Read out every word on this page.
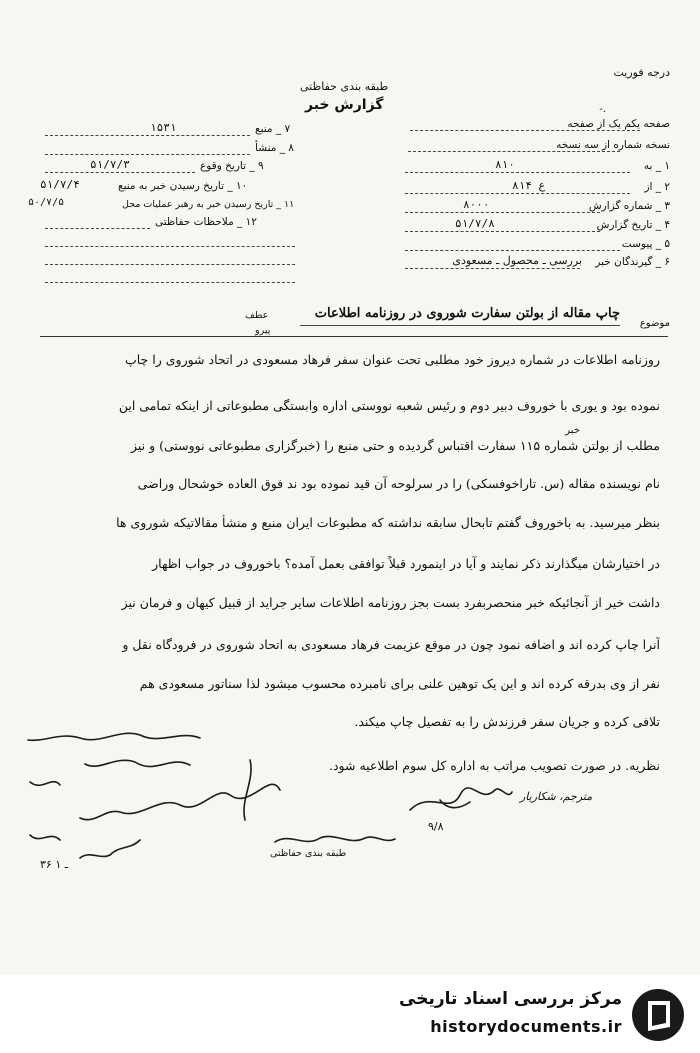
درجه فوریت
طبقه بندی حفاظتی
گزارش خبر	-.
صفحه یکم یک از صفحه
نسخه شماره از سه نسخه
۱ _ به
۸۱۰
۲ _ از
۸۱۴ ع
۳ _ شماره گزارش
۸۰۰۰
۴ _ تاریخ گزارش
۵۱/۷/۸
۵ _ پیوست
۶ _ گیرندگان خبر
بررسی ـ محصول ـ مسعودی
۷ _ منبع
۱۵۳۱
۸ _ منشأ
۹ _ تاریخ وقوع
۵۱/۷/۳
۱۰ _ تاریخ رسیدن خبر به منبع
۵۱/۷/۴
۱۱ _ تاریخ رسیدن خبر به رهبر عملیات محل
۵۰/۷/۵
۱۲ _ ملاحظات حفاظتی
موضوع
چاپ مقاله از بولتن سفارت شوروی در روزنامه اطلاعات
عطف
پیرو
روزنامه اطلاعات در شماره دیروز خود مطلبی تحت عنوان سفر فرهاد مسعودی در اتحاد شوروی را چاپ
نموده بود و یوری با خوروف دبیر دوم و رئیس شعبه نووستی اداره وابستگی مطبوعاتی از اینکه تمامی این
مطلب از بولتن شماره ۱۱۵ سفارت اقتباس گردیده و حتی منبع را (خبرگزاری مطبوعاتی نووستی) و نیز
نام نویسنده مقاله (س. تاراخوفسکی) را در سرلوحه آن قید نموده بود ند فوق العاده خوشحال وراضی
بنظر میرسید. به باخوروف گفتم تابحال سابقه نداشته که مطبوعات ایران منبع و منشأ مقالاتیکه شوروی ها
در اختیارشان میگذارند ذکر نمایند و آیا در اینمورد قبلاً توافقی بعمل آمده؟ باخوروف در جواب اظهار
داشت خیر از آنجائیکه خبر منحصربفرد بست بجز روزنامه اطلاعات سایر جراید از قبیل کیهان و فرمان نیز
آنرا چاپ کرده اند و اضافه نمود چون در موقع عزیمت فرهاد مسعودی به اتحاد شوروی در فرودگاه نقل و
نفر از وی بدرقه کرده اند و این یک توهین علنی برای نامبرده محسوب میشود لذا سناتور مسعودی هم
تلافی کرده و جریان سفر فرزندش را به تفصیل چاپ میکند.
نظریه. در صورت تصویب مراتب به اداره کل سوم اطلاعیه شود.
خبر
مترجم، شکاریار
۹/۸
طبقه بندی حفاظتی
۳۶ ـ ۱
مرکز بررسی اسناد تاریخی
historydocuments.ir
